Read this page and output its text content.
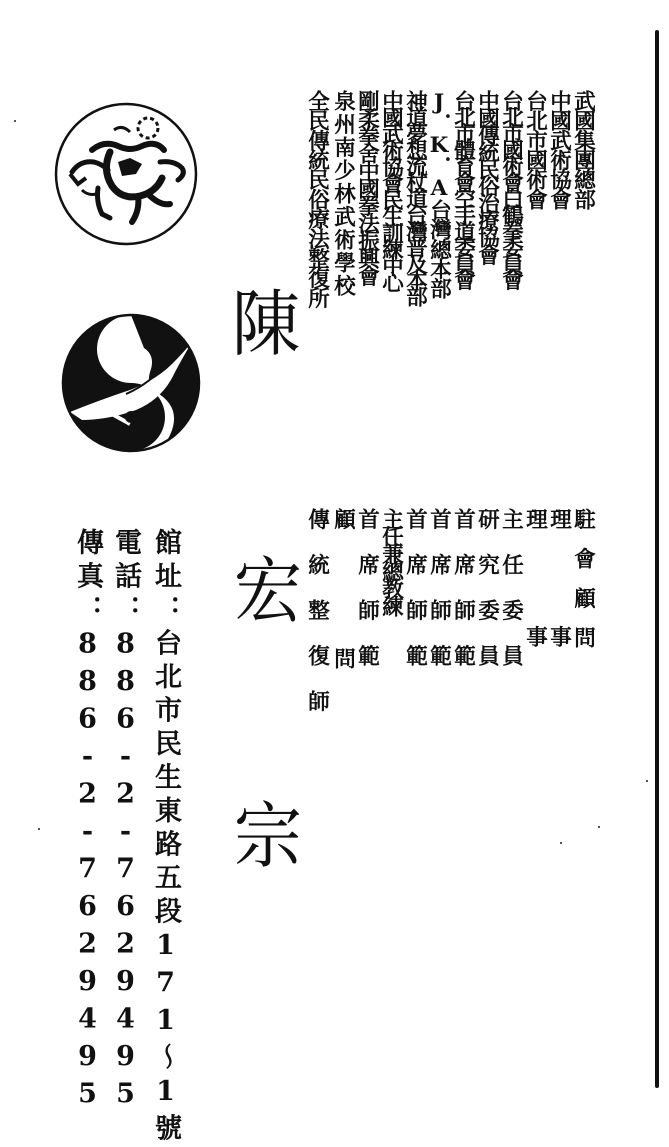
武國集團總部
中國武術協會
台北市國術會
台北市國術會白鶴拳委員會
中國傳統民俗治療協會
台北市體育會空手道委員會
J．K．A台灣總本部
神道夢想流杖道台灣普及本部
中國武術協會民生訓練中心
剛柔拳舍中國拳法振興會
泉州南少林武術學校
全民傳統民俗療法整復所
駐會顧問
理事
理事
主任委員
研究委員
首席師範
首席師範
首席師範
主任兼總教練
首席師範
顧問
傳統整復師
陳
宏
宗
館址：台北市民生東路五段171～1號
電話：886-2-7629495
傳真：886-2-7629495
